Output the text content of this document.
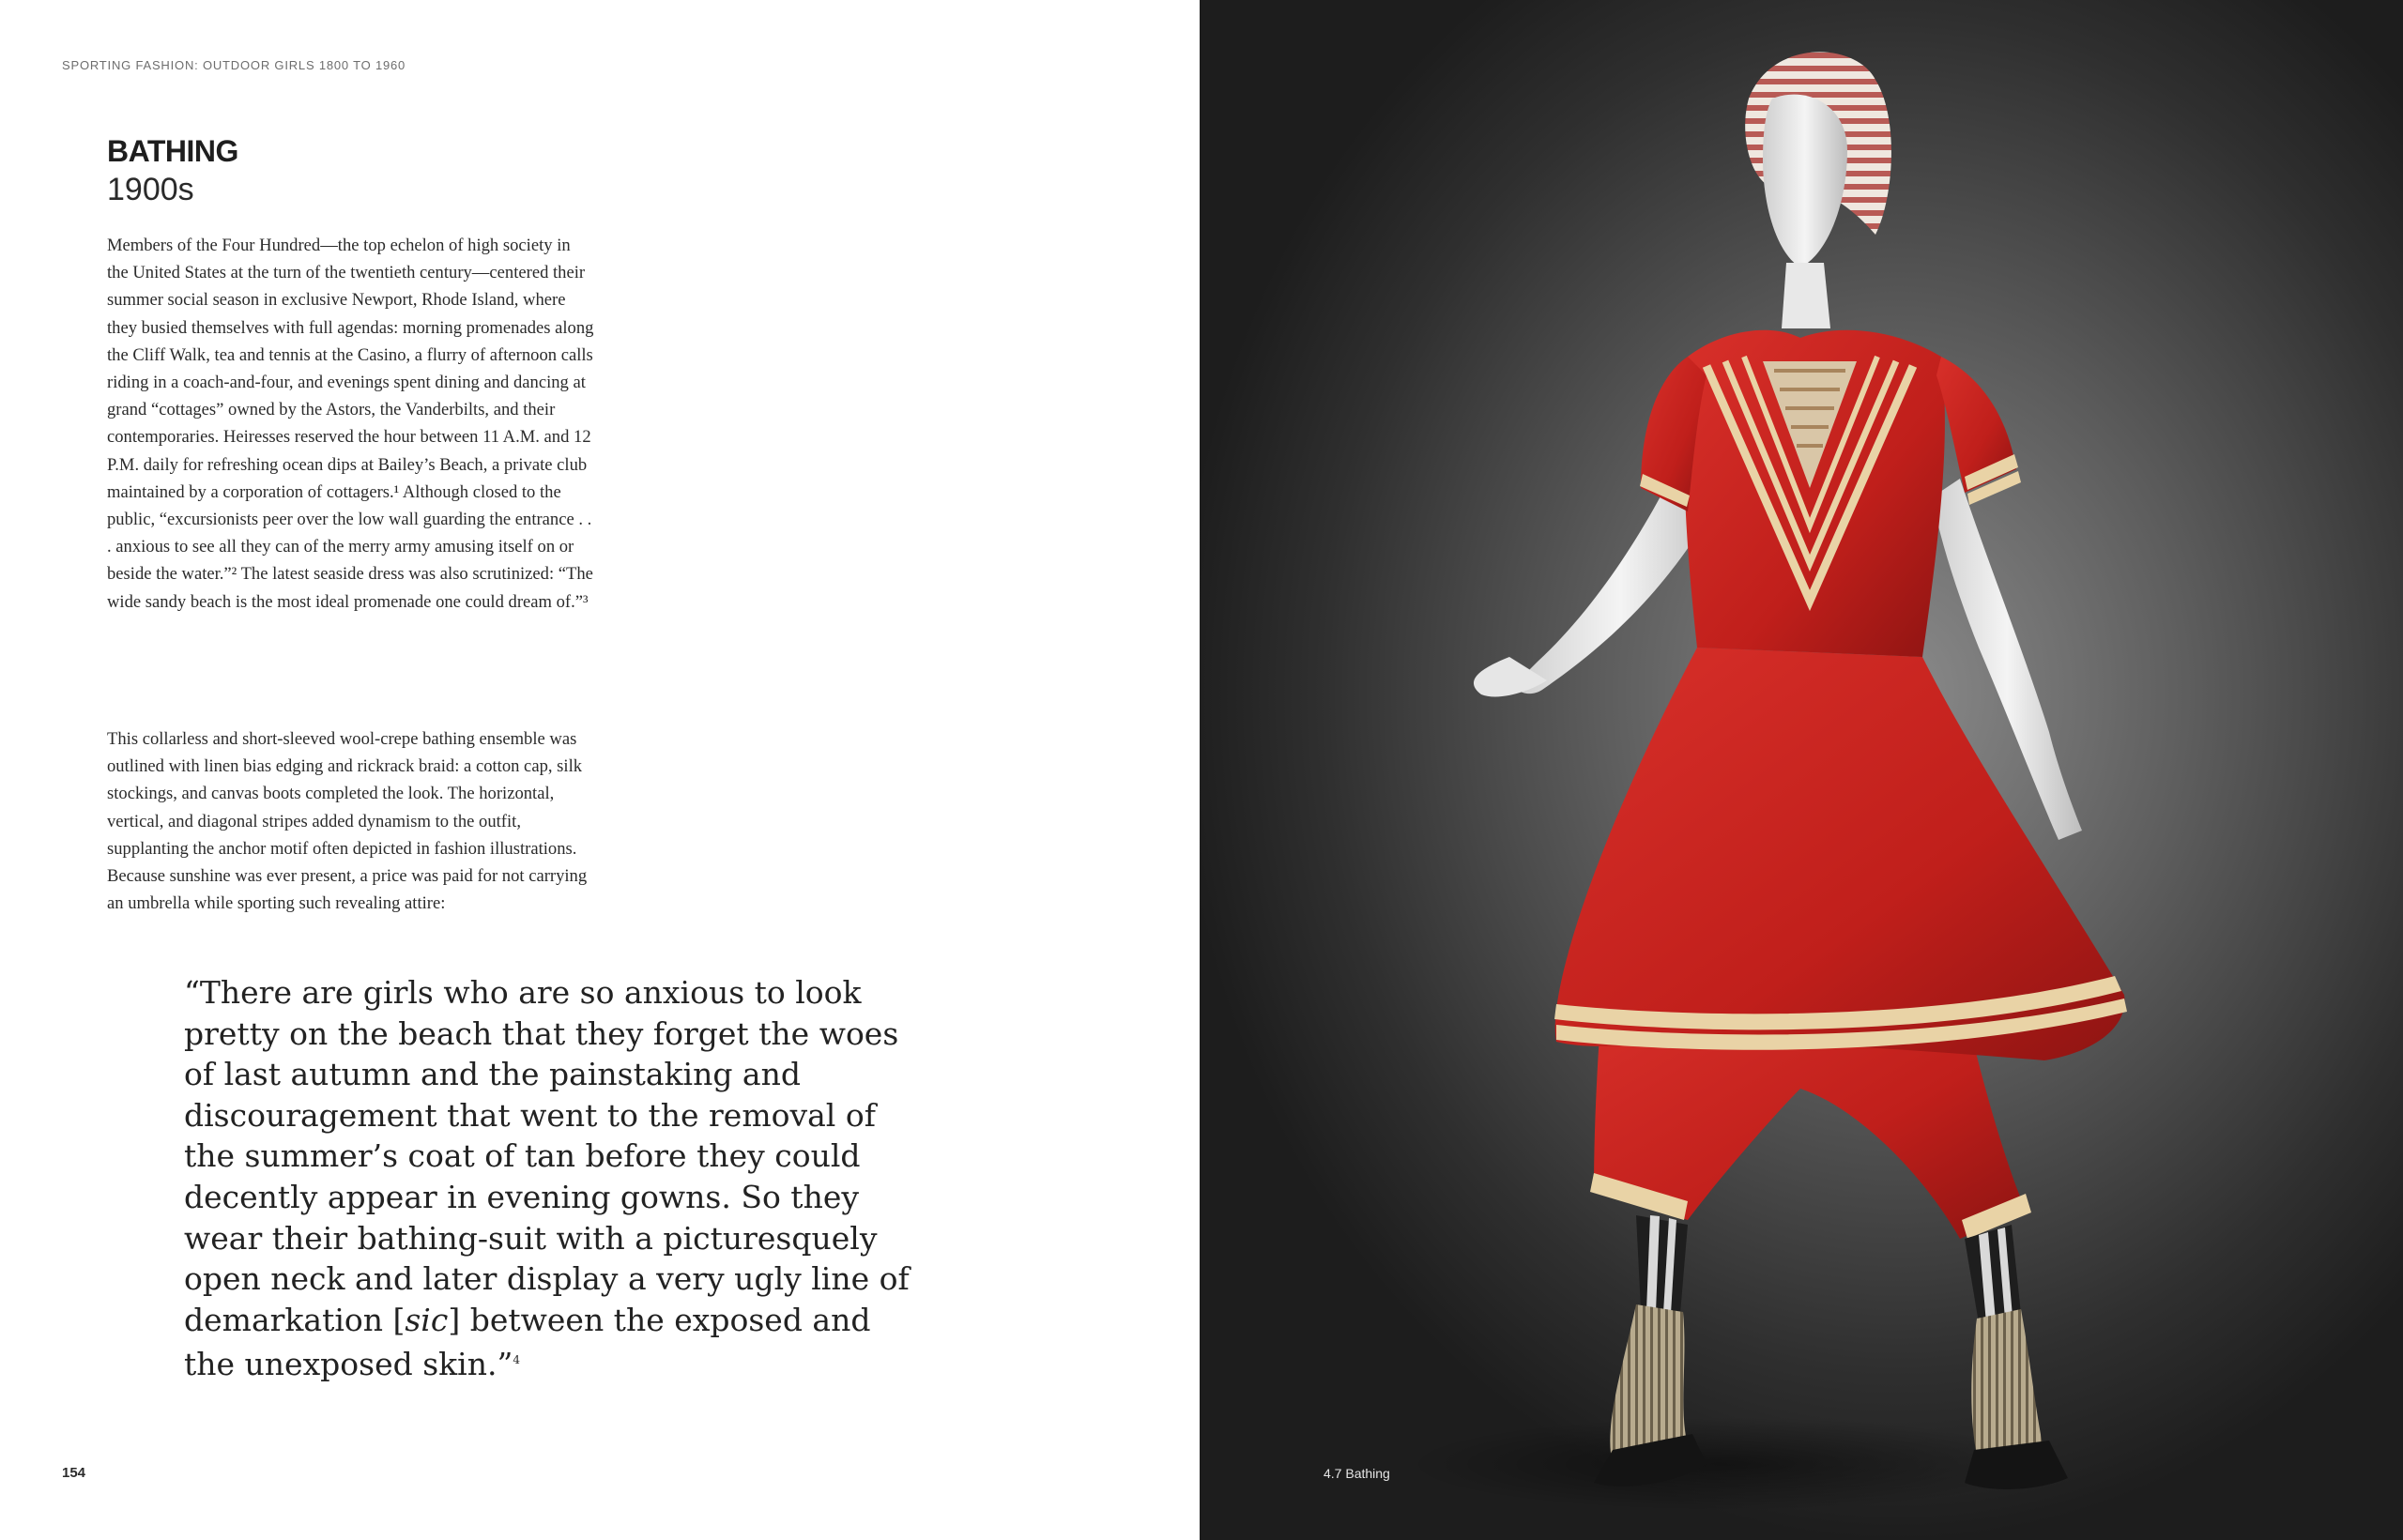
SPORTING FASHION: OUTDOOR GIRLS 1800 TO 1960
BATHING
1900s

Members of the Four Hundred—the top echelon of high society in the United States at the turn of the twentieth century—centered their summer social season in exclusive Newport, Rhode Island, where they busied themselves with full agendas: morning promenades along the Cliff Walk, tea and tennis at the Casino, a flurry of afternoon calls riding in a coach-and-four, and evenings spent dining and dancing at grand “cottages” owned by the Astors, the Vanderbilts, and their contemporaries. Heiresses reserved the hour between 11 A.M. and 12 P.M. daily for refreshing ocean dips at Bailey’s Beach, a private club maintained by a corporation of cottagers.¹ Although closed to the public, “excursionists peer over the low wall guarding the entrance . . . anxious to see all they can of the merry army amusing itself on or beside the water.”² The latest seaside dress was also scrutinized: “The wide sandy beach is the most ideal promenade one could dream of.”³

This collarless and short-sleeved wool-crepe bathing ensemble was outlined with linen bias edging and rickrack braid: a cotton cap, silk stockings, and canvas boots completed the look. The horizontal, vertical, and diagonal stripes added dynamism to the outfit, supplanting the anchor motif often depicted in fashion illustrations. Because sunshine was ever present, a price was paid for not carrying an umbrella while sporting such revealing attire:

“There are girls who are so anxious to look pretty on the beach that they forget the woes of last autumn and the painstaking and discouragement that went to the removal of the summer’s coat of tan before they could decently appear in evening gowns. So they wear their bathing-suit with a picturesquely open neck and later display a very ugly line of demarkation [sic] between the exposed and the unexposed skin.”$^4$

154	4.7 Bathing
